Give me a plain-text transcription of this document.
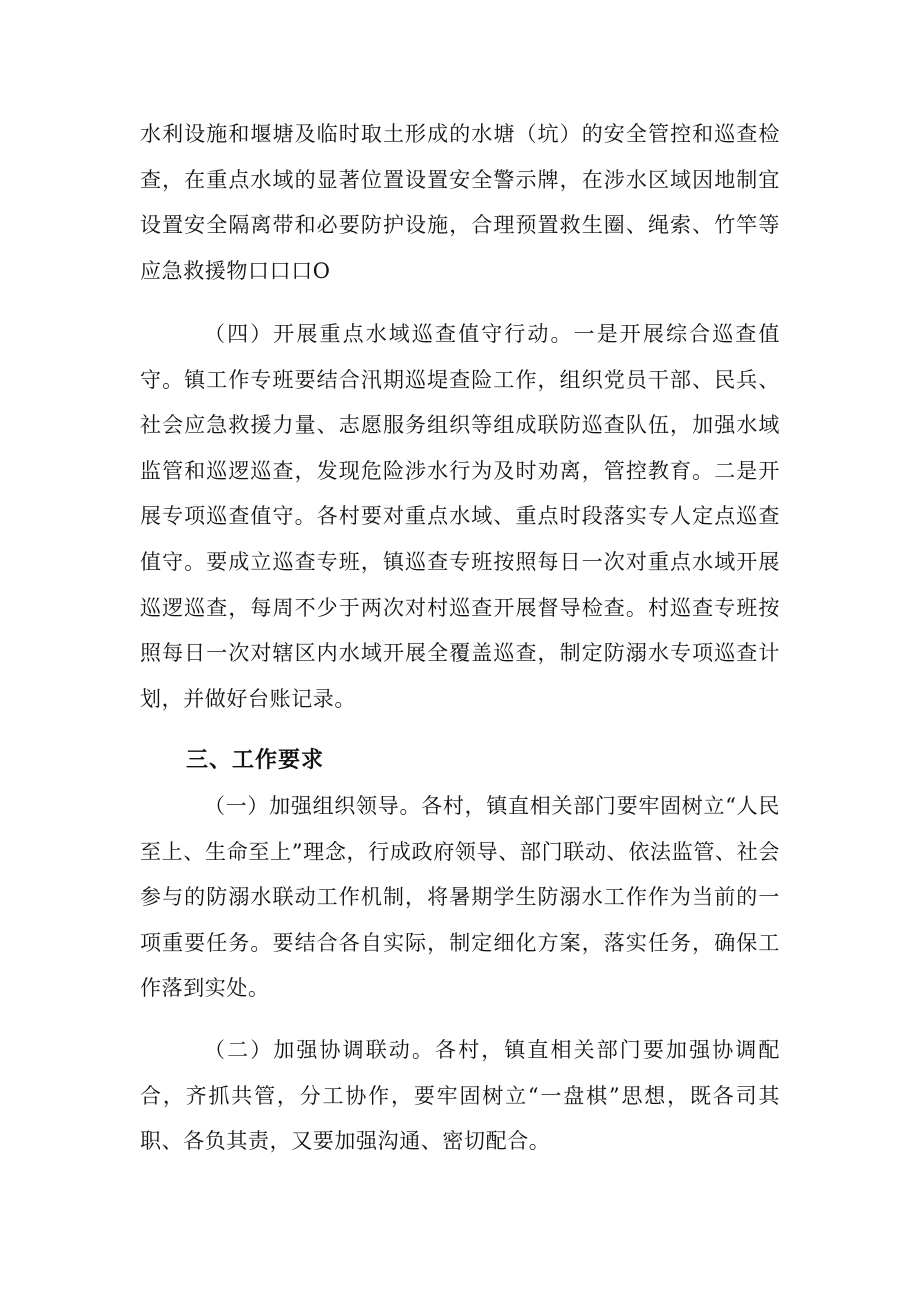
水利设施和堰塘及临时取土形成的水塘（坑）的安全管控和巡查检查，在重点水域的显著位置设置安全警示牌，在涉水区域因地制宜设置安全隔离带和必要防护设施，合理预置救生圈、绳索、竹竿等应急救援物口口口O

（四）开展重点水域巡查值守行动。一是开展综合巡查值守。镇工作专班要结合汛期巡堤查险工作，组织党员干部、民兵、社会应急救援力量、志愿服务组织等组成联防巡查队伍，加强水域监管和巡逻巡查，发现危险涉水行为及时劝离，管控教育。二是开展专项巡查值守。各村要对重点水域、重点时段落实专人定点巡查值守。要成立巡查专班，镇巡查专班按照每日一次对重点水域开展巡逻巡查，每周不少于两次对村巡查开展督导检查。村巡查专班按照每日一次对辖区内水域开展全覆盖巡查，制定防溺水专项巡查计划，并做好台账记录。

三、工作要求

（一）加强组织领导。各村，镇直相关部门要牢固树立“人民至上、生命至上”理念，行成政府领导、部门联动、依法监管、社会参与的防溺水联动工作机制，将暑期学生防溺水工作作为当前的一项重要任务。要结合各自实际，制定细化方案，落实任务，确保工作落到实处。

（二）加强协调联动。各村，镇直相关部门要加强协调配合，齐抓共管，分工协作，要牢固树立“一盘棋”思想，既各司其职、各负其责，又要加强沟通、密切配合。
